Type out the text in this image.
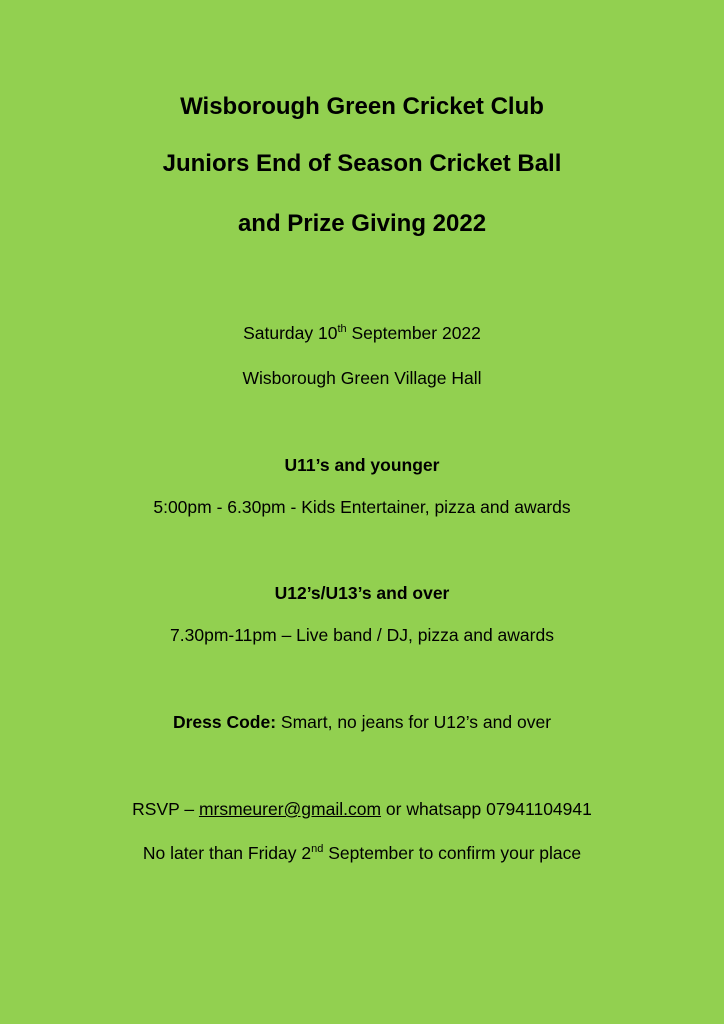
Wisborough Green Cricket Club
Juniors End of Season Cricket Ball
and Prize Giving 2022
Saturday 10th September 2022
Wisborough Green Village Hall
U11’s and younger
5:00pm - 6.30pm - Kids Entertainer, pizza and awards
U12’s/U13’s and over
7.30pm-11pm – Live band / DJ, pizza and awards
Dress Code: Smart, no jeans for U12’s and over
RSVP – mrsmeurer@gmail.com or whatsapp 07941104941
No later than Friday 2nd September to confirm your place
